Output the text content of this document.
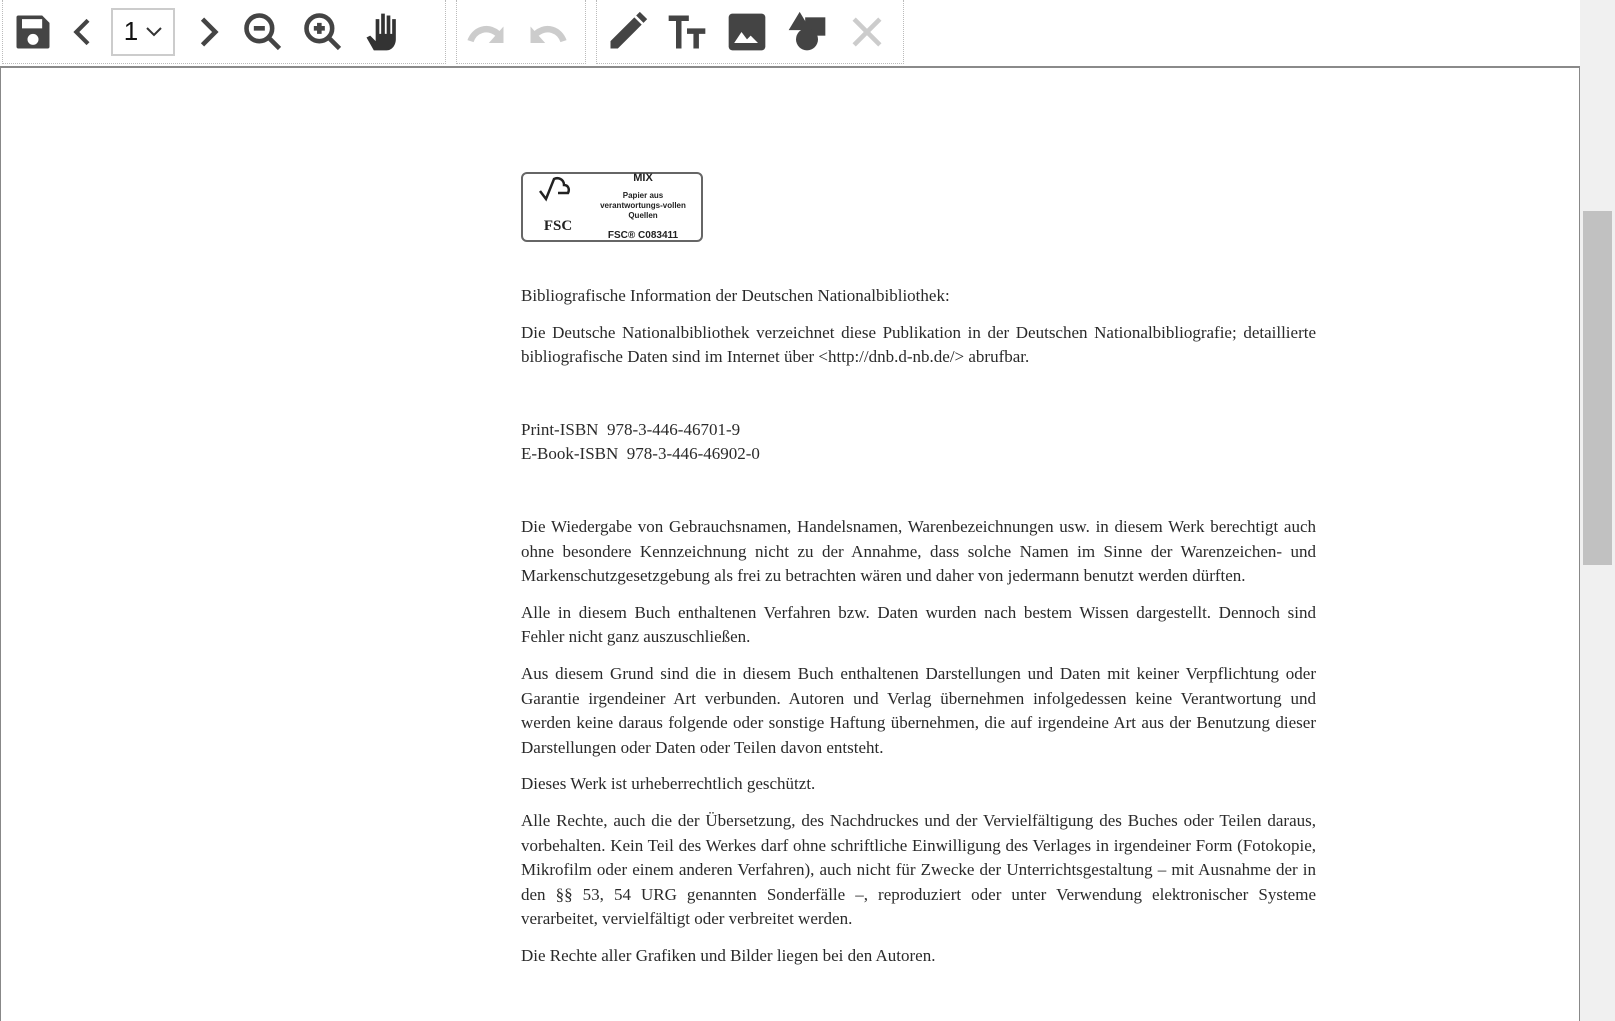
1
FSC
MIX
Papier aus verantwortungs-vollen Quellen
FSC® C083411

Bibliografische Information der Deutschen Nationalbibliothek:

Die Deutsche Nationalbibliothek verzeichnet diese Publikation in der Deutschen Nationalbibliografie; detaillierte bibliografische Daten sind im Internet über <http://dnb.d-nb.de/> abrufbar.

Print-ISBN  978-3-446-46701-9
E-Book-ISBN  978-3-446-46902-0

Die Wiedergabe von Gebrauchsnamen, Handelsnamen, Warenbezeichnungen usw. in diesem Werk berechtigt auch ohne besondere Kennzeichnung nicht zu der Annahme, dass solche Namen im Sinne der Warenzeichen- und Markenschutzgesetzgebung als frei zu betrachten wären und daher von jedermann benutzt werden dürften.

Alle in diesem Buch enthaltenen Verfahren bzw. Daten wurden nach bestem Wissen dargestellt. Dennoch sind Fehler nicht ganz auszuschließen.

Aus diesem Grund sind die in diesem Buch enthaltenen Darstellungen und Daten mit keiner Verpflichtung oder Garantie irgendeiner Art verbunden. Autoren und Verlag übernehmen infolgedessen keine Verantwortung und werden keine daraus folgende oder sonstige Haftung übernehmen, die auf irgendeine Art aus der Benutzung dieser Darstellungen oder Daten oder Teilen davon entsteht.

Dieses Werk ist urheberrechtlich geschützt.

Alle Rechte, auch die der Übersetzung, des Nachdruckes und der Vervielfältigung des Buches oder Teilen daraus, vorbehalten. Kein Teil des Werkes darf ohne schriftliche Einwilligung des Verlages in irgendeiner Form (Fotokopie, Mikrofilm oder einem anderen Verfahren), auch nicht für Zwecke der Unterrichtsgestaltung – mit Ausnahme der in den §§ 53, 54 URG genannten Sonderfälle –, reproduziert oder unter Verwendung elektronischer Systeme verarbeitet, vervielfältigt oder verbreitet werden.

Die Rechte aller Grafiken und Bilder liegen bei den Autoren.
